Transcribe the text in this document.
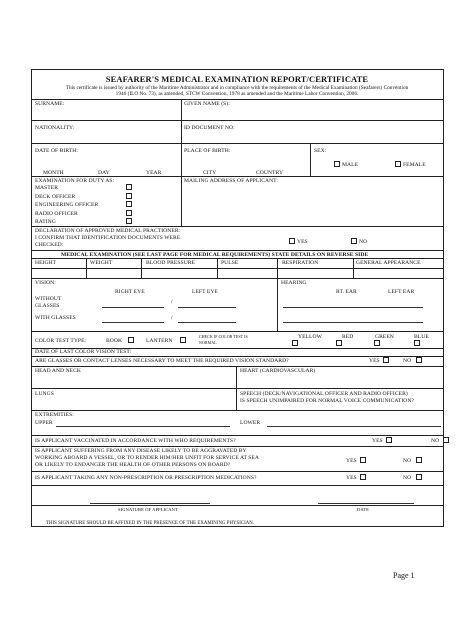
SEAFARER'S MEDICAL EXAMINATION REPORT/CERTIFICATE
This certificate is issued by authority of the Maritime Administrator and in compliance with the requirements of the Medical Examination (Seafarers) Convention
1946 (ILO No. 73), as amended, STCW Convention, 1978 as amended and the Maritime Labor Convention, 2006.
SURNAME:	GIVEN NAME (S):
NATIONALITY:	ID DOCUMENT NO:
DATE OF BIRTH:	PLACE OF BIRTH:	SEX:
MONTH	DAY	YEAR	CITY	COUNTRY
MALE	FEMALE
EXAMINATION FOR DUTY AS:	MAILING ADDRESS OF APPLICANT:
MASTER
DECK OFFICER
ENGINEERING OFFICER
RADIO OFFICER
RATING
DECLARATION OF APPROVED MEDICAL PRACTIONER:
I CONFIRM THAT IDENTIFICATION DOCUMENTS WERE
CHECKED:	YES	NO
MEDICAL EXAMINATION (SEE LAST PAGE FOR MEDICAL REQUIREMENTS) STATE DETAILS ON REVERSE SIDE
HEIGHT	WEIGHT	BLOOD PRESSURE	PULSE	RESPIRATION	GENERAL APPEARANCE
VISION:
RIGHT EYE	LEFT EYE
WITHOUT
GLASSES
/
WITH GLASSES	/
HEARING
RT. EAR	LEFT EAR
COLOR TEST TYPE:	BOOK	LANTERN
CHECK IF COLOR TEST IS
NORMAL
YELLOW	RED	GREEN	BLUE
DATE OF LAST COLOR VISION TEST:
ARE GLASSES OR CONTACT LENSES NECESSARY TO MEET THE REQUIRED VISION STANDARD?	YES	NO
HEAD AND NECK	HEART (CARDIOVASCULAR)
LUNGS	SPEECH (DECK/NAVIGATIONAL OFFICER AND RADIO OFFICER)
IS SPEECH UNIMPAIRED FOR NORMAL VOICE COMMUNICATION?
EXTREMITIES:
UPPER	LOWER
IS APPLICANT VACCINATED IN ACCORDANCE WITH WHO REQUIREMENTS?	YES	NO
IS APPLICANT SUFFERING FROM ANY DISEASE LIKELY TO BE AGGRAVATED BY
WORKING ABOARD A VESSEL, OR TO RENDER HIM/HER UNFIT FOR SERVICE AT SEA
OR LIKELY TO ENDANGER THE HEALTH OF OTHER PERSONS ON BOARD?
YES	NO
IS APPLICANT TAKING ANY NON-PRESCRIPTION OR PRESCRIPTION MEDICATIONS?	YES	NO
SIGNATURE OF APPLICANT	DATE
THIS SIGNATURE SHOULD BE AFFIXED IN THE PRESENCE OF THE EXAMINING PHYSICIAN.
Page 1
